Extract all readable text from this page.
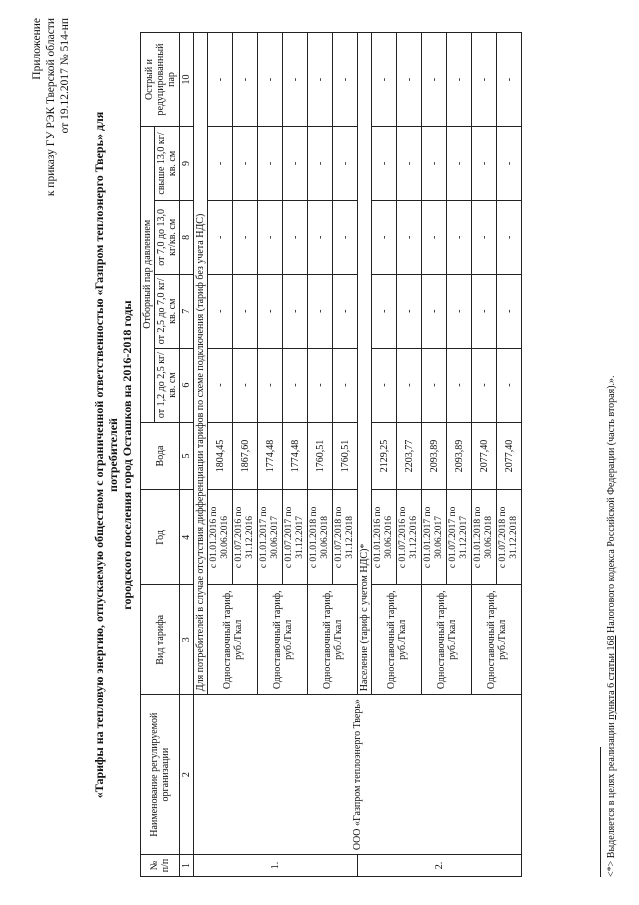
Приложение к приказу ГУ РЭК Тверской области от 19.12.2017 № 514-нп
«Тарифы на тепловую энергию, отпускаемую обществом с ограниченной ответственностью «Газпром теплоэнерго Тверь» для потребителей городского поселения город Осташков на 2016-2018 годы
№ п/п	Наименование регулируемой организации	Вид тарифа	Год	Вода	Отборный пар давлением				Острый и редуцированный пар
					от 1,2 до 2,5 кг/кв. см	от 2,5 до 7,0 кг/кв. см	от 7,0 до 13,0 кг/кв. см	свыше 13,0 кг/кв. см	
1	2	3	4	5	6	7	8	9	10
1.	ООО «Газпром теплоэнерго Тверь»	Для потребителей в случае отсутствия дифференциации тарифов по схеме подключения (тариф без учета НДС)							
		Одноставочный тариф, руб./Гкал	с 01.01.2016 по 30.06.2016	1804,45	-	-	-	-	-
			с 01.07.2016 по 31.12.2016	1867,60	-	-	-	-	-
		Одноставочный тариф, руб./Гкал	с 01.01.2017 по 30.06.2017	1774,48	-	-	-	-	-
			с 01.07.2017 по 31.12.2017	1774,48	-	-	-	-	-
		Одноставочный тариф, руб./Гкал	с 01.01.2018 по 30.06.2018	1760,51	-	-	-	-	-
			с 01.07.2018 по 31.12.2018	1760,51	-	-	-	-	-
2.		Население (тариф с учетом НДС)*							
		Одноставочный тариф, руб./Гкал	с 01.01.2016 по 30.06.2016	2129,25	-	-	-	-	-
			с 01.07.2016 по 31.12.2016	2203,77	-	-	-	-	-
		Одноставочный тариф, руб./Гкал	с 01.01.2017 по 30.06.2017	2093,89	-	-	-	-	-
			с 01.07.2017 по 31.12.2017	2093,89	-	-	-	-	-
		Одноставочный тариф, руб./Гкал	с 01.01.2018 по 30.06.2018	2077,40	-	-	-	-	-
			с 01.07.2018 по 31.12.2018	2077,40	-	-	-	-	-
<*> Выделяется в целях реализации пункта 6 статьи 168 Налогового кодекса Российской Федерации (часть вторая).».
